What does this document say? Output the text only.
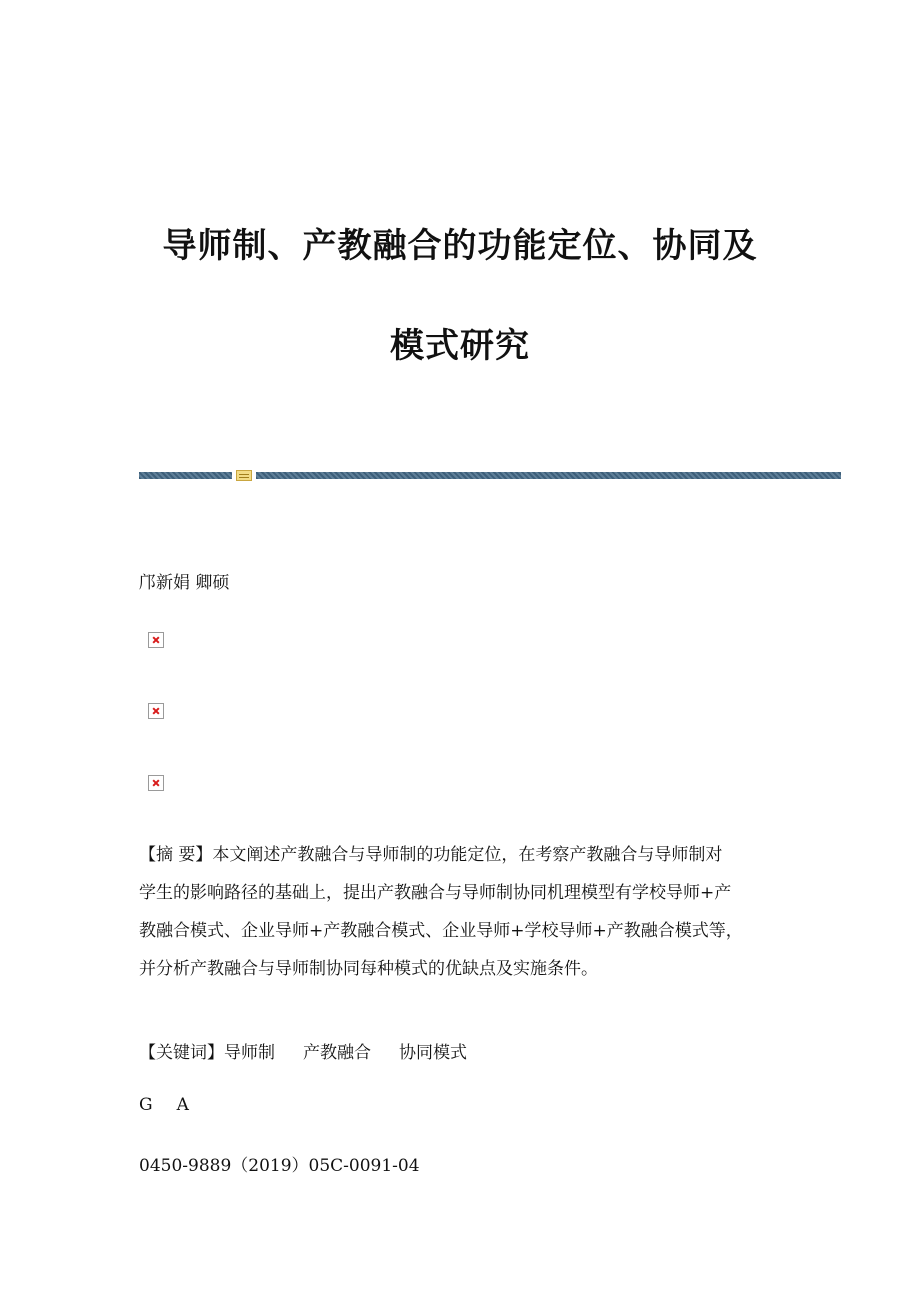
导师制、产教融合的功能定位、协同及
模式研究
邝新娟 卿硕
【摘 要】本文阐述产教融合与导师制的功能定位，在考察产教融合与导师制对
学生的影响路径的基础上，提出产教融合与导师制协同机理模型有学校导师+产
教融合模式、企业导师+产教融合模式、企业导师+学校导师+产教融合模式等，
并分析产教融合与导师制协同每种模式的优缺点及实施条件。
【关键词】导师制 产教融合 协同模式
G A
0450-9889（2019）05C-0091-04
